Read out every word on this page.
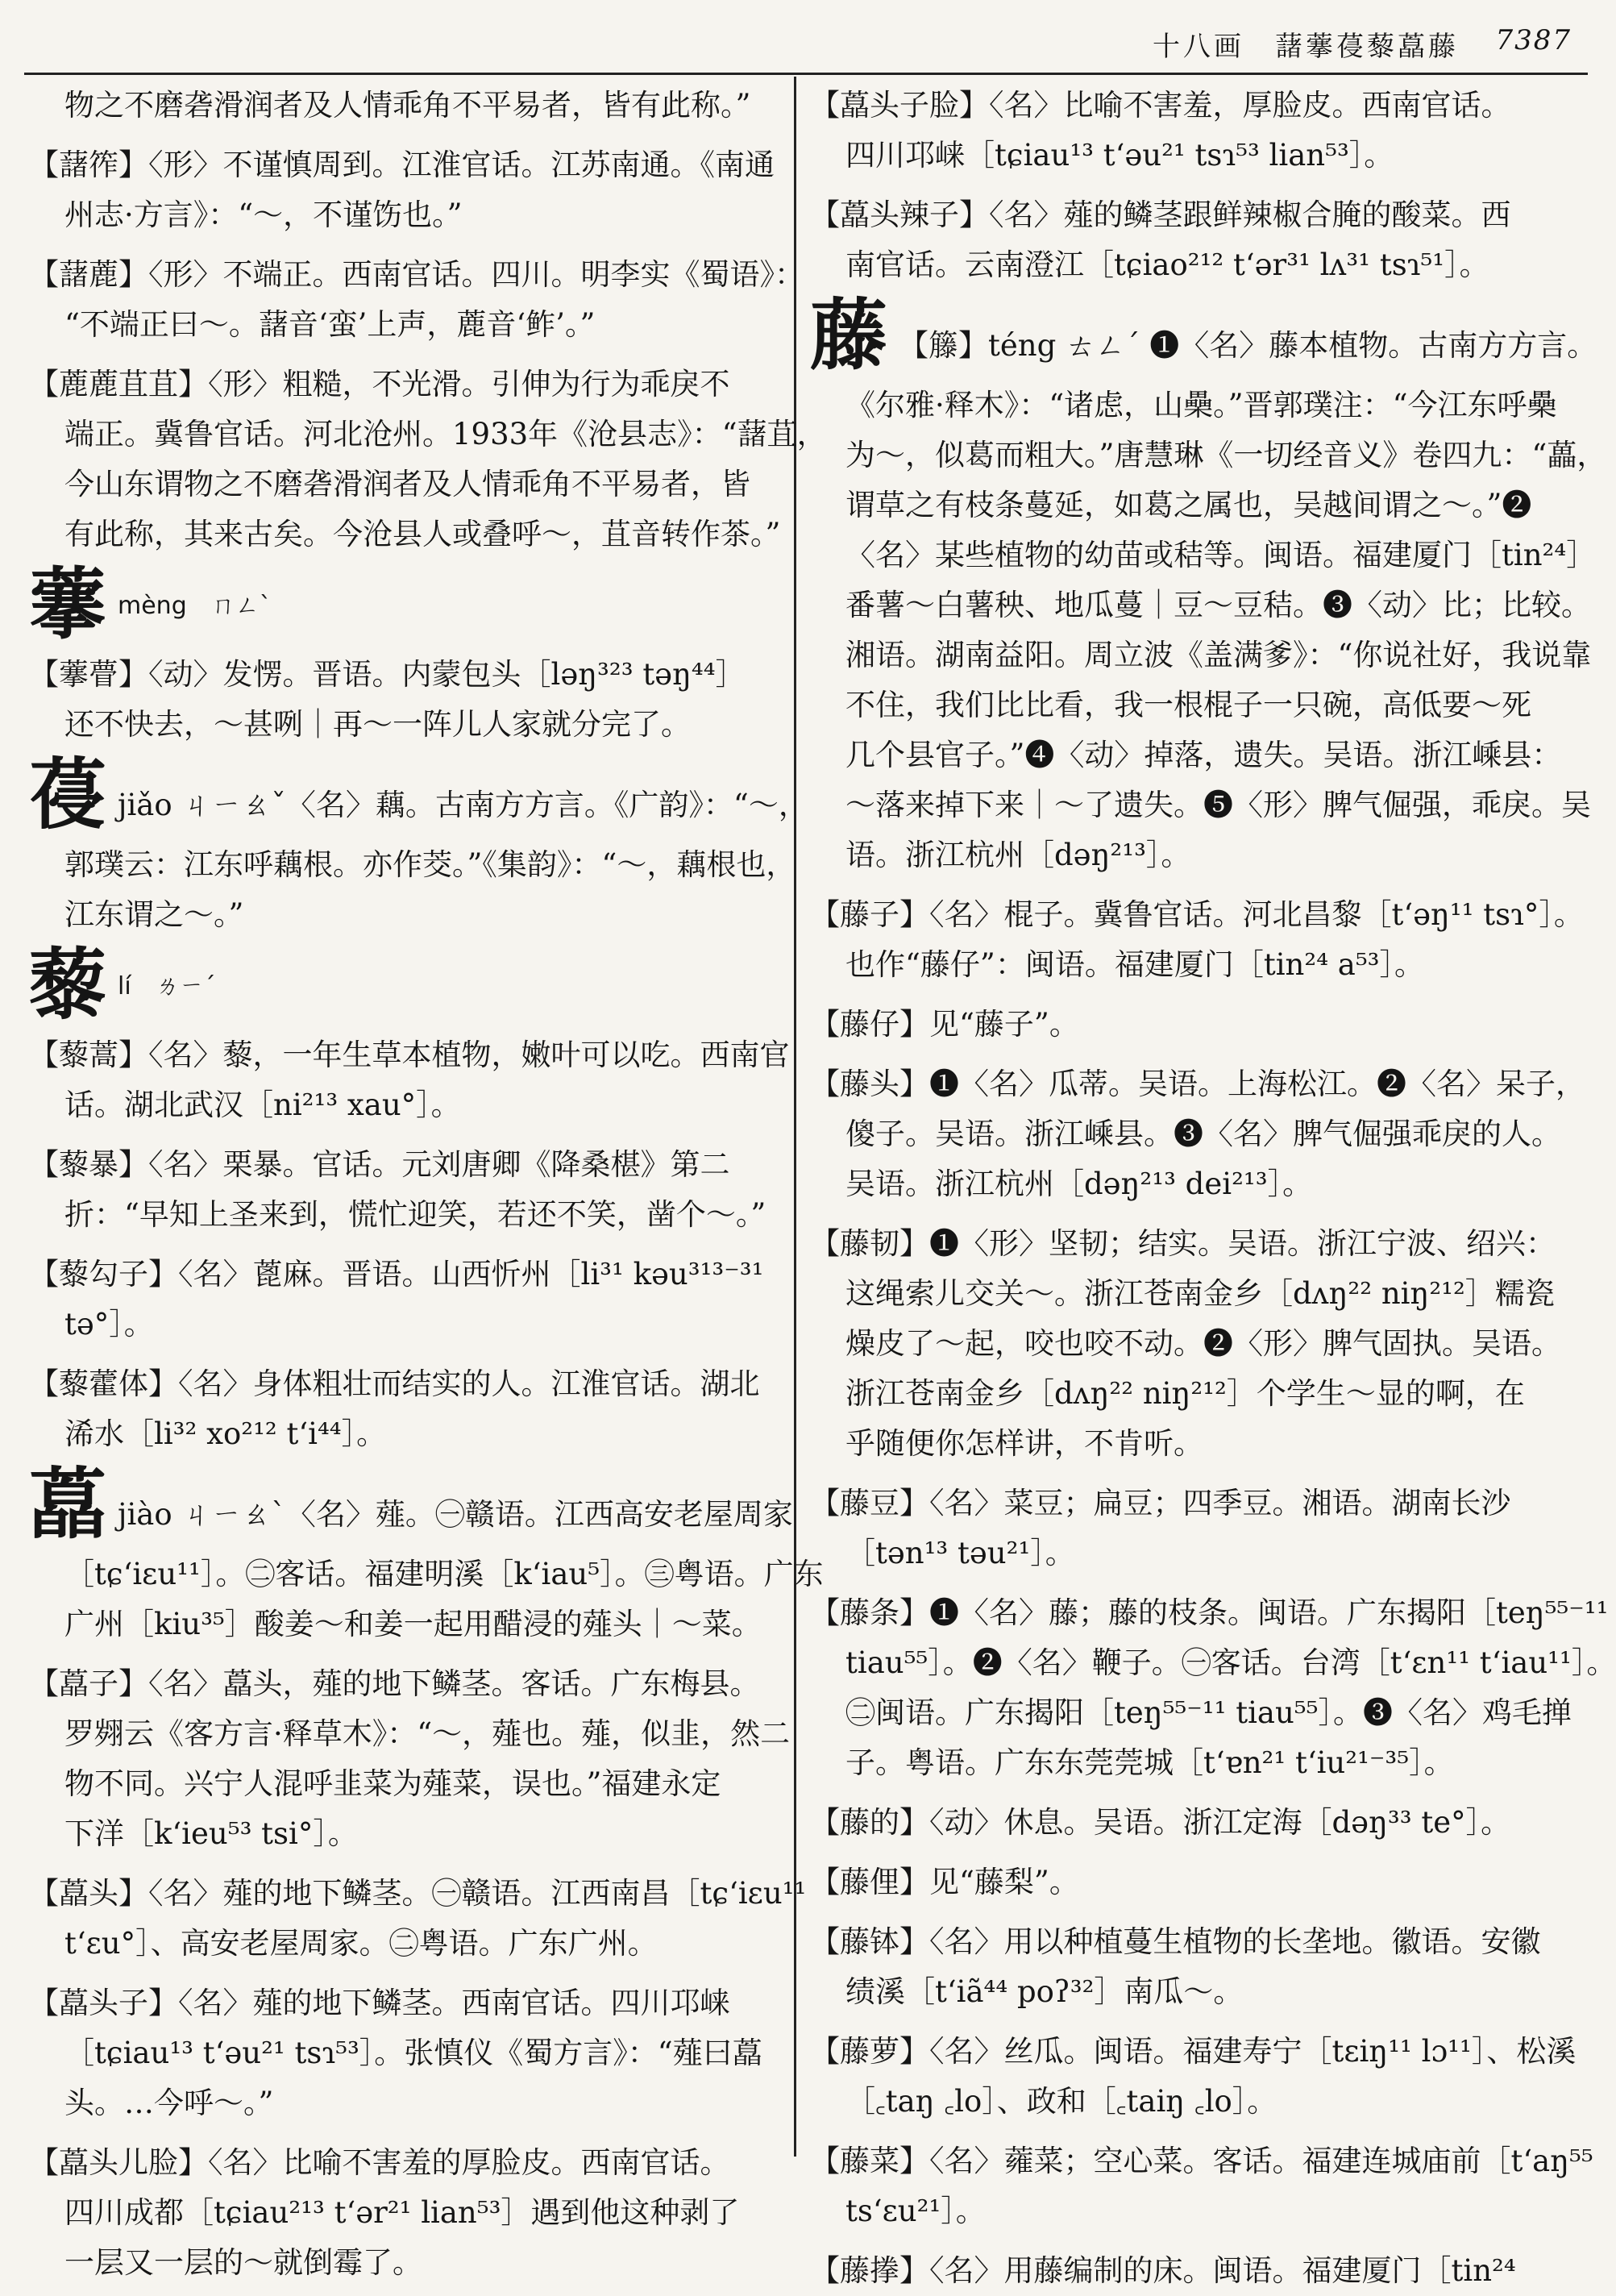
十八画　藷藆葠藜藠藤 7387
物之不磨砻滑润者及人情乖角不平易者，皆有此称。”
【藷筰】〈形〉不谨慎周到。江淮官话。江苏南通。《南通
州志·方言》：“～，不谨饬也。”
【藷蔍】〈形〉不端正。西南官话。四川。明李实《蜀语》：
“不端正曰～。藷音‘蛮’上声，蔍音‘鲊’。”
【蔍蔍苴苴】〈形〉粗糙，不光滑。引伸为行为乖戾不
端正。冀鲁官话。河北沧州。1933年《沧县志》：“藷苴，
今山东谓物之不磨砻滑润者及人情乖角不平易者，皆
有此称，其来古矣。今沧县人或叠呼～，苴音转作茶。”
藆 $^{mèng ㄇㄥˋ}$
【藆瞢】〈动〉发愣。晋语。内蒙包头［ləŋ³²³ təŋ⁴⁴］
还不快去，～甚咧｜再～一阵儿人家就分完了。
葠jiǎo ㄐㄧㄠˇ〈名〉藕。古南方方言。《广韵》：“～，
郭璞云：江东呼藕根。亦作茭。”《集韵》：“～，藕根也，
江东谓之～。”
藜 $^{lí ㄌㄧˊ}$
【藜蒿】〈名〉藜，一年生草本植物，嫩叶可以吃。西南官
话。湖北武汉［ni²¹³ xau°］。
【藜暴】〈名〉栗暴。官话。元刘唐卿《降桑椹》第二
折：“早知上圣来到，慌忙迎笑，若还不笑，凿个～。”
【藜勾子】〈名〉蓖麻。晋语。山西忻州［li³¹ kəu³¹³⁻³¹
tə°］。
【藜藿体】〈名〉身体粗壮而结实的人。江淮官话。湖北
浠水［li³² xo²¹² t‘i⁴⁴］。
藠jiào ㄐㄧㄠˋ〈名〉薤。㊀赣语。江西高安老屋周家
［tɕ‘iɛu¹¹］。㊁客话。福建明溪［k‘iau⁵］。㊂粤语。广东
广州［kiu³⁵］酸姜～和姜一起用醋浸的薤头｜～菜。
【藠子】〈名〉藠头，薤的地下鳞茎。客话。广东梅县。
罗翙云《客方言·释草木》：“～，薤也。薤，似韭，然二
物不同。兴宁人混呼韭菜为薤菜，误也。”福建永定
下洋［k‘ieu⁵³ tsi°］。
【藠头】〈名〉薤的地下鳞茎。㊀赣语。江西南昌［tɕ‘iɛu¹¹
t‘ɛu°］、高安老屋周家。㊁粤语。广东广州。
【藠头子】〈名〉薤的地下鳞茎。西南官话。四川邛崃
［tɕiau¹³ t‘əu²¹ tsɿ⁵³］。张慎仪《蜀方言》：“薤曰藠
头。…今呼～。”
【藠头儿脸】〈名〉比喻不害羞的厚脸皮。西南官话。
四川成都［tɕiau²¹³ t‘ər²¹ lian⁵³］遇到他这种剥了
一层又一层的～就倒霉了。
【藠头子脸】〈名〉比喻不害羞，厚脸皮。西南官话。
四川邛崃［tɕiau¹³ t‘əu²¹ tsɿ⁵³ lian⁵³］。
【藠头辣子】〈名〉薤的鳞茎跟鲜辣椒合腌的酸菜。西
南官话。云南澄江［tɕiao²¹² t‘ər³¹ lʌ³¹ tsɿ⁵¹］。
藤 【籐】téng ㄊㄥˊ ❶〈名〉藤本植物。古南方方言。
《尔雅·释木》：“诸虑，山櫐。”晋郭璞注：“今江东呼櫐
为～，似葛而粗大。”唐慧琳《一切经音义》卷四九：“藟，
谓草之有枝条蔓延，如葛之属也，吴越间谓之～。”❷
〈名〉某些植物的幼苗或秸等。闽语。福建厦门［tin²⁴］
番薯～白薯秧、地瓜蔓｜豆～豆秸。❸〈动〉比；比较。
湘语。湖南益阳。周立波《盖满爹》：“你说社好，我说靠
不住，我们比比看，我一根棍子一只碗，高低要～死
几个县官子。”❹〈动〉掉落，遗失。吴语。浙江嵊县：
～落来掉下来｜～了遗失。❺〈形〉脾气倔强，乖戾。吴
语。浙江杭州［dəŋ²¹³］。
【藤子】〈名〉棍子。冀鲁官话。河北昌黎［t‘əŋ¹¹ tsɿ°］。
也作“藤仔”：闽语。福建厦门［tin²⁴ a⁵³］。
【藤仔】见“藤子”。
【藤头】❶〈名〉瓜蒂。吴语。上海松江。❷〈名〉呆子，
傻子。吴语。浙江嵊县。❸〈名〉脾气倔强乖戾的人。
吴语。浙江杭州［dəŋ²¹³ dei²¹³］。
【藤韧】❶〈形〉坚韧；结实。吴语。浙江宁波、绍兴：
这绳索儿交关～。浙江苍南金乡［dʌŋ²² niŋ²¹²］糯瓷
燥皮了～起，咬也咬不动。❷〈形〉脾气固执。吴语。
浙江苍南金乡［dʌŋ²² niŋ²¹²］个学生～显的啊，在
乎随便你怎样讲，不肯听。
【藤豆】〈名〉菜豆；扁豆；四季豆。湘语。湖南长沙
［tən¹³ təu²¹］。
【藤条】❶〈名〉藤；藤的枝条。闽语。广东揭阳［teŋ⁵⁵⁻¹¹
tiau⁵⁵］。❷〈名〉鞭子。㊀客话。台湾［t‘ɛn¹¹ t‘iau¹¹］。
㊁闽语。广东揭阳［teŋ⁵⁵⁻¹¹ tiau⁵⁵］。❸〈名〉鸡毛掸
子。粤语。广东东莞莞城［t‘ɐn²¹ t‘iu²¹⁻³⁵］。
【藤的】〈动〉休息。吴语。浙江定海［dəŋ³³ te°］。
【藤俚】见“藤梨”。
【藤钵】〈名〉用以种植蔓生植物的长垄地。徽语。安徽
绩溪［t‘iã⁴⁴ poʔ³²］南瓜～。
【藤萝】〈名〉丝瓜。闽语。福建寿宁［tɛiŋ¹¹ lɔ¹¹］、松溪
［꜀taŋ ꜀lo］、政和［꜀taiŋ ꜀lo］。
【藤菜】〈名〉蕹菜；空心菜。客话。福建连城庙前［t‘aŋ⁵⁵
ts‘ɛu²¹］。
【藤搼】〈名〉用藤编制的床。闽语。福建厦门［tin²⁴
